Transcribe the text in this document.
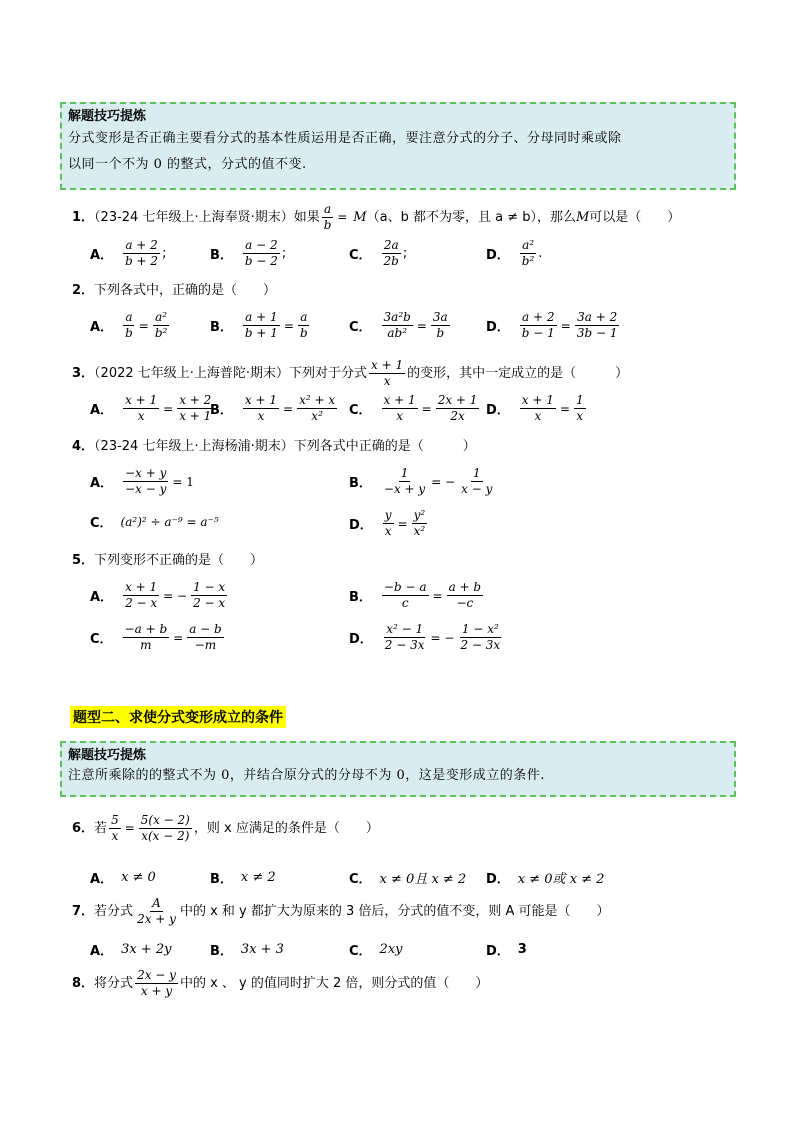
解题技巧提炼
分式变形是否正确主要看分式的基本性质运用是否正确，要注意分式的分子、分母同时乘或除
以同一个不为 0 的整式，分式的值不变.
1．（23-24 七年级上·上海奉贤·期末）如果 $\frac{a}{b} = M(a$、b 都不为零，且 a ≠ b），那么M可以是（　　）
A． $\frac{a + 2}{b + 2}$ ;	B． $\frac{a - 2}{b - 2}$ ;	C． $\frac{2a}{2b}$ ;	D． $\frac{\text{a²}}{\text{b²}}$ .
2．下列各式中，正确的是（　　）
A． $\frac{a}{b} = \frac{\text{a²}}{\text{b²}}$	B． $\frac{a + 1}{b + 1} = \frac{a}{b}$	C． $\frac{\text{3a²b}}{\text{ab²}} = \frac{3a}{b}$	D． $\frac{a + 2}{b - 1} = \frac{3a + 2}{3b - 1}$
3．（2022 七年级上·上海普陀·期末）下列对于分式 $\frac{x + 1}{x}$ 的变形，其中一定成立的是（　　　）
A． $\frac{x + 1}{x} = \frac{x + 2}{x + 1}$
B． $\frac{x + 1}{x} = \frac{\text{x² + x}}{\text{x²}}$ C． $\frac{x + 1}{x} = \frac{2x + 1}{2x}$ D． $\frac{x + 1}{x} = \frac{1}{x}$
4．（23-24 七年级上·上海杨浦·期末）下列各式中正确的是（　　　）
A． $\frac{-x + y}{-x - y} = 1$	B． $\frac{1}{-x + y}$ = − $\frac{1}{x - y}$
C． (a²)² ÷ a⁻⁹ = a⁻⁵	D． $\frac{y}{x} = \frac{\text{y²}}{\text{x²}}$
5．下列变形不正确的是（　　）
A． $\frac{x + 1}{2 - x}$ = − $\frac{1 - x}{2 - x}$	B． $\frac{-b - a}{c} = \frac{a + b}{-c}$
C． $\frac{-a + b}{m} = \frac{a - b}{-m}$	D． $\frac{\text{x² − 1}}{2 - 3x}$ = − $\frac{\text{1 − x²}}{2 - 3x}$
题型二、求使分式变形成立的条件
解题技巧提炼
注意所乘除的的整式不为 0，并结合原分式的分母不为 0，这是变形成立的条件.
6．若 $\frac{5}{x} = \frac{5(x - 2)}{x(x - 2)}$ ，则 x 应满足的条件是（　　）
A． x ≠ 0	B． x ≠ 2	C． x ≠ 0且 x ≠ 2 D． x ≠ 0或 x ≠ 2
7．若分式 $\frac{A}{2x + y}$ 中的 x 和 y 都扩大为原来的 3 倍后，分式的值不变，则 A 可能是（　　）
A． 3x + 2y	B． 3x + 3	C． 2xy	D． 3
8．将分式 $\frac{2x - y}{x + y}$ 中的 x 、 y 的值同时扩大 2 倍，则分式的值（　　）
